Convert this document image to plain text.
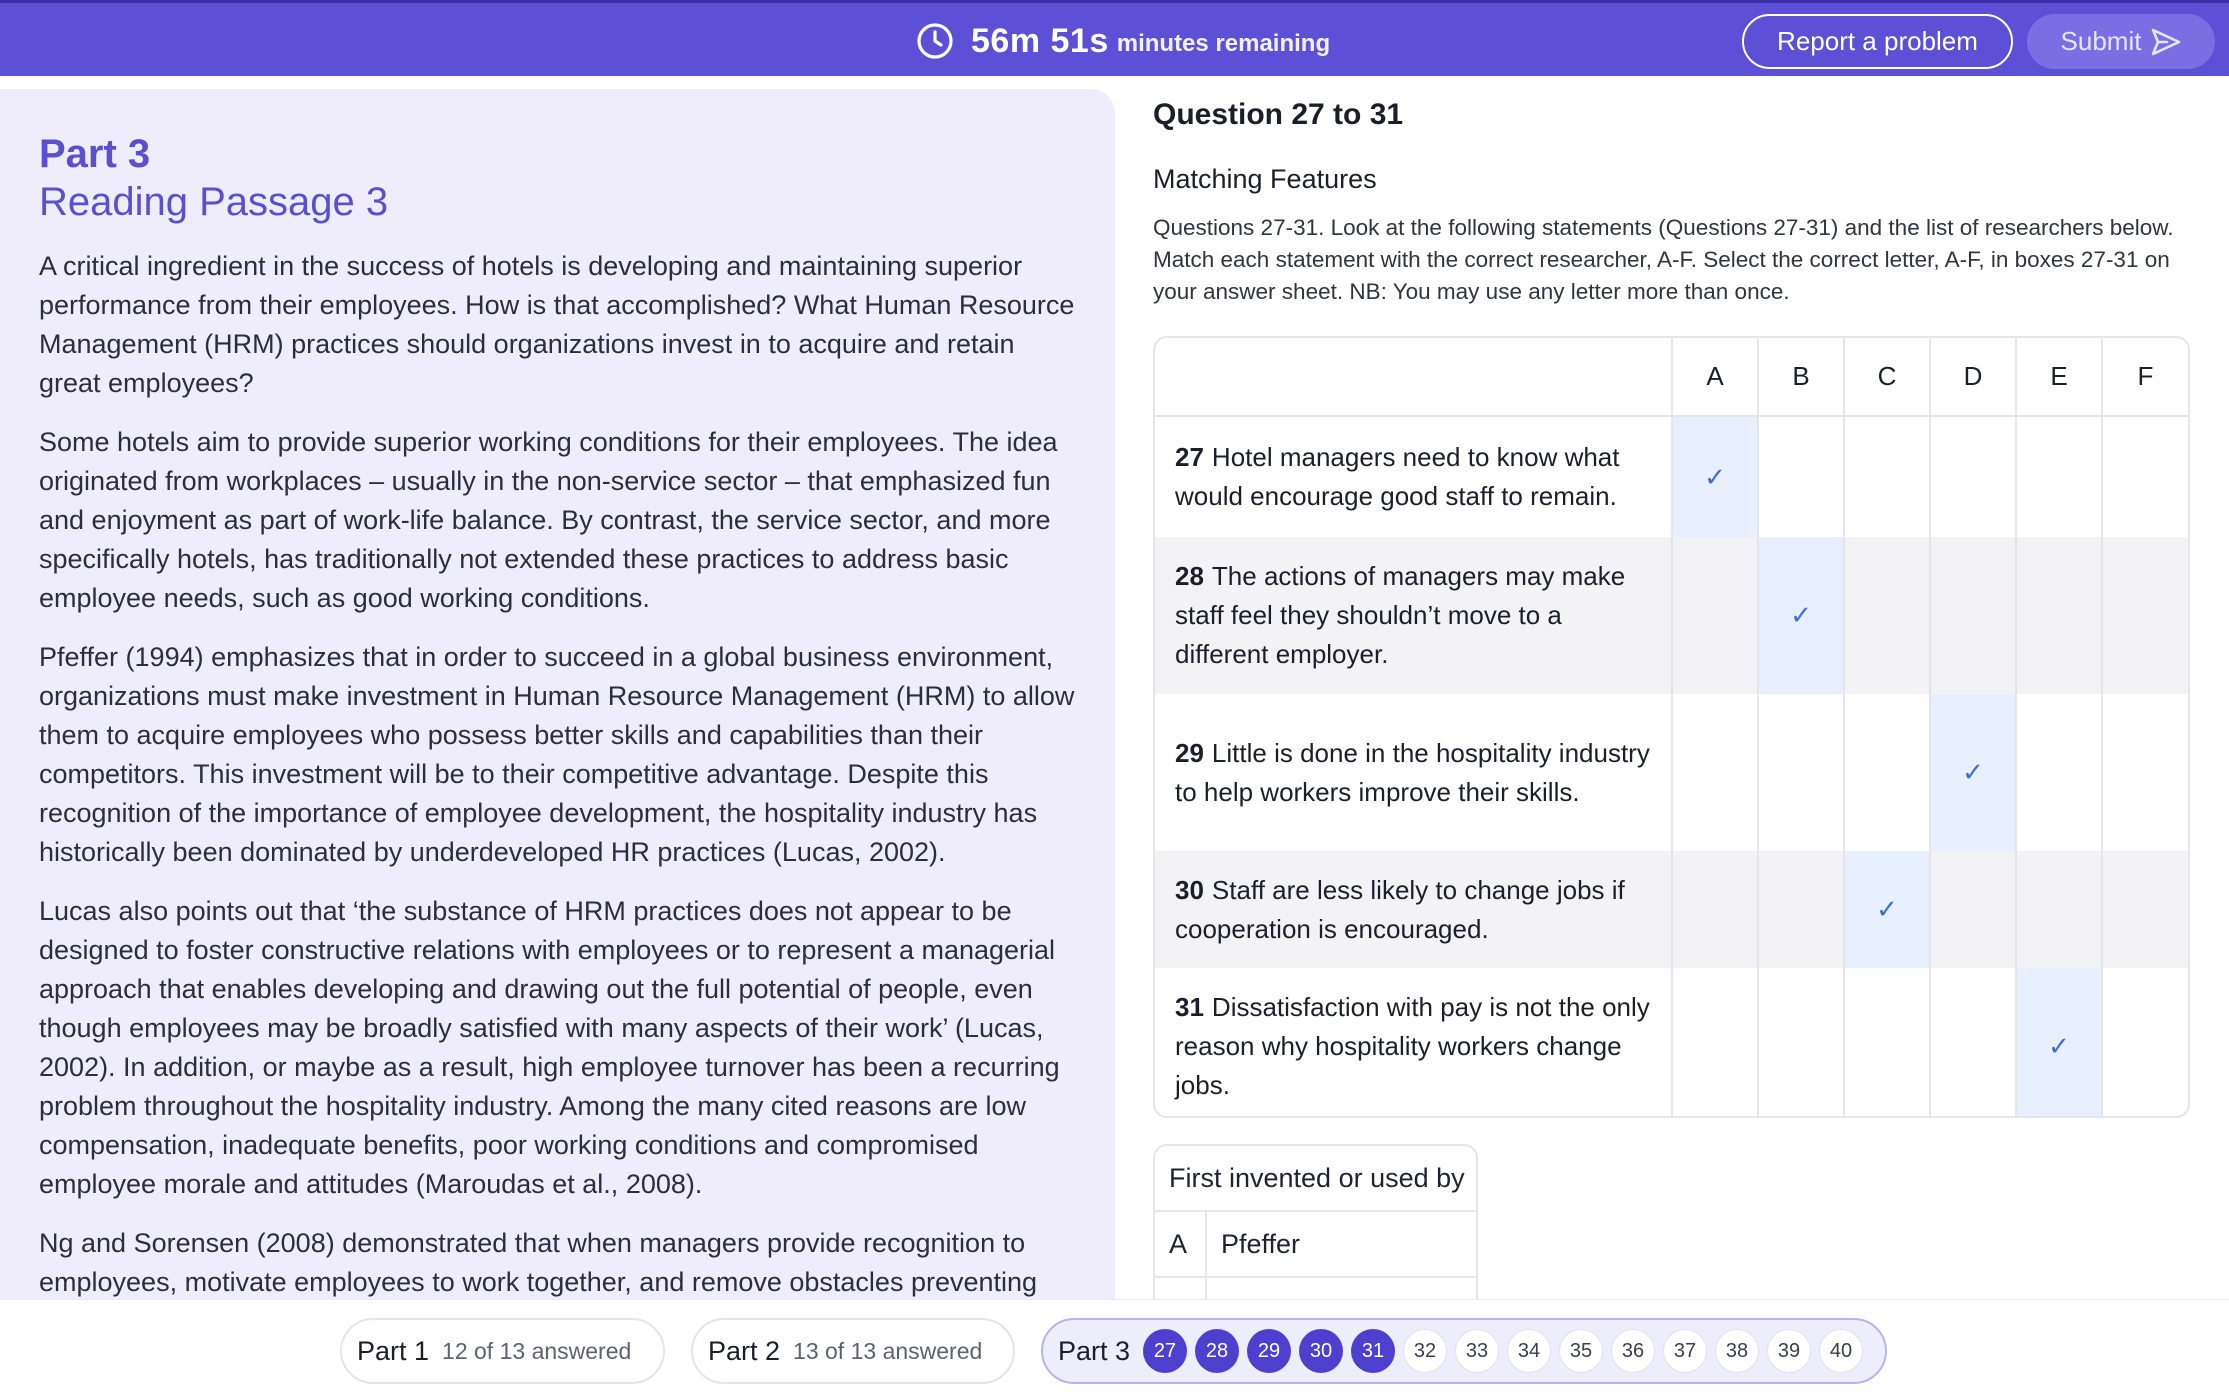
56m 51s minutes remaining	Report a problem	Submit
Part 3
Reading Passage 3

A critical ingredient in the success of hotels is developing and maintaining superior performance from their employees. How is that accomplished? What Human Resource Management (HRM) practices should organizations invest in to acquire and retain great employees?

Some hotels aim to provide superior working conditions for their employees. The idea originated from workplaces – usually in the non-service sector – that emphasized fun and enjoyment as part of work-life balance. By contrast, the service sector, and more specifically hotels, has traditionally not extended these practices to address basic employee needs, such as good working conditions.

Pfeffer (1994) emphasizes that in order to succeed in a global business environment, organizations must make investment in Human Resource Management (HRM) to allow them to acquire employees who possess better skills and capabilities than their competitors. This investment will be to their competitive advantage. Despite this recognition of the importance of employee development, the hospitality industry has historically been dominated by underdeveloped HR practices (Lucas, 2002).

Lucas also points out that ‘the substance of HRM practices does not appear to be designed to foster constructive relations with employees or to represent a managerial approach that enables developing and drawing out the full potential of people, even though employees may be broadly satisfied with many aspects of their work’ (Lucas, 2002). In addition, or maybe as a result, high employee turnover has been a recurring problem throughout the hospitality industry. Among the many cited reasons are low compensation, inadequate benefits, poor working conditions and compromised employee morale and attitudes (Maroudas et al., 2008).

Ng and Sorensen (2008) demonstrated that when managers provide recognition to employees, motivate employees to work together, and remove obstacles preventing

Question 27 to 31
Matching Features
Questions 27-31. Look at the following statements (Questions 27-31) and the list of researchers below. Match each statement with the correct researcher, A-F. Select the correct letter, A-F, in boxes 27-31 on your answer sheet. NB: You may use any letter more than once.
	A	B	C	D	E	F
27 Hotel managers need to know what would encourage good staff to remain.	✓					
28 The actions of managers may make staff feel they shouldn’t move to a different employer.		✓				
29 Little is done in the hospitality industry to help workers improve their skills.				✓		
30 Staff are less likely to change jobs if cooperation is encouraged.			✓			
31 Dissatisfaction with pay is not the only reason why hospitality workers change jobs.					✓	
First invented or used by
A	Pfeffer
Part 1 12 of 13 answered	Part 2 13 of 13 answered	Part 3	27	28	29	30	31	32	33	34	35	36	37	38	39	40
